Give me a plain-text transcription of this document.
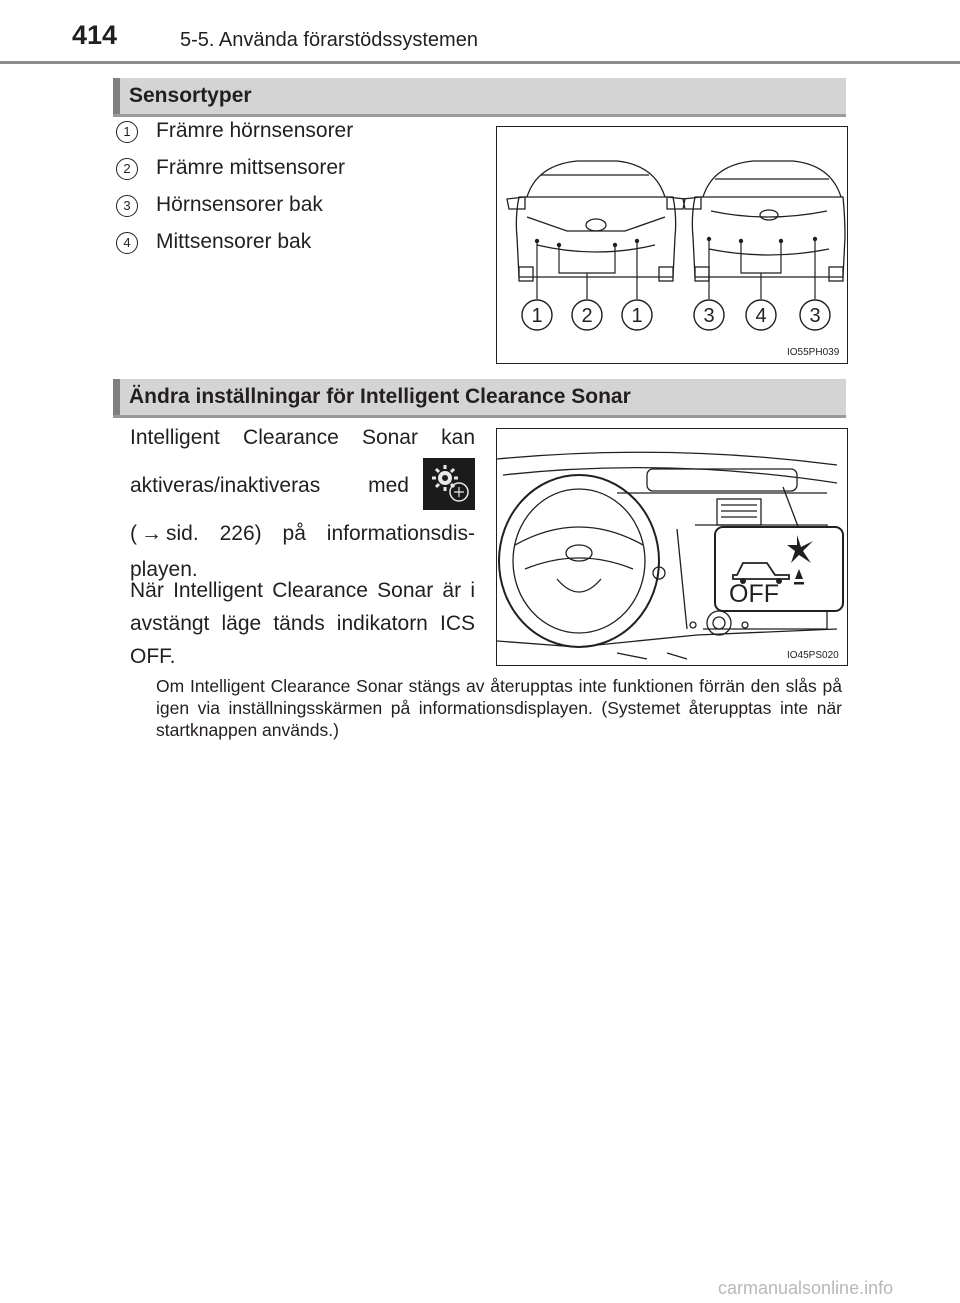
414	5-5. Använda förarstödssystemen
Sensortyper
1	Främre hörnsensorer
2	Främre mittsensorer
3	Hörnsensorer bak
4	Mittsensorer bak
1 2 1	3 4 3
IO55PH039
Ändra inställningar för Intelligent Clearance Sonar
Intelligent Clearance Sonar kan
aktiveras/inaktiveras med
( → sid. 226) på informationsdis-
playen.
När Intelligent Clearance Sonar är i avstängt läge tänds indikatorn ICS OFF.
OFF
IO45PS020
Om Intelligent Clearance Sonar stängs av återupptas inte funktionen förrän den slås på igen via inställningsskärmen på informationsdisplayen. (Systemet återupptas inte när startknappen används.)
carmanualsonline.info
